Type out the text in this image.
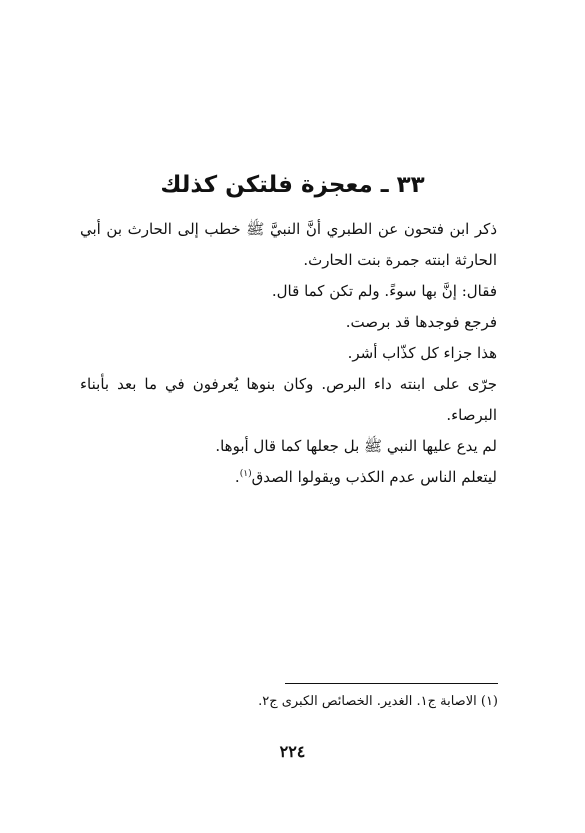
٣٣ ـ معجزة فلتكن كذلك

ذكر ابن فتحون عن الطبري أنَّ النبيَّ ﷺ خطب إلى الحارث بن أبي الحارثة ابنته جمرة بنت الحارث.

فقال: إنَّ بها سوءً. ولم تكن كما قال.

فرجع فوجدها قد برصت.

هذا جزاء كل كذّاب أشر.

جرّى على ابنته داء البرص. وكان بنوها يُعرفون في ما بعد بأبناء البرصاء.

لم يدع عليها النبي ﷺ بل جعلها كما قال أبوها.

ليتعلم الناس عدم الكذب ويقولوا الصدق$^{(١)}$.

(١) الاصابة ج١. الغدير. الخصائص الكبرى ج٢.

٢٢٤
